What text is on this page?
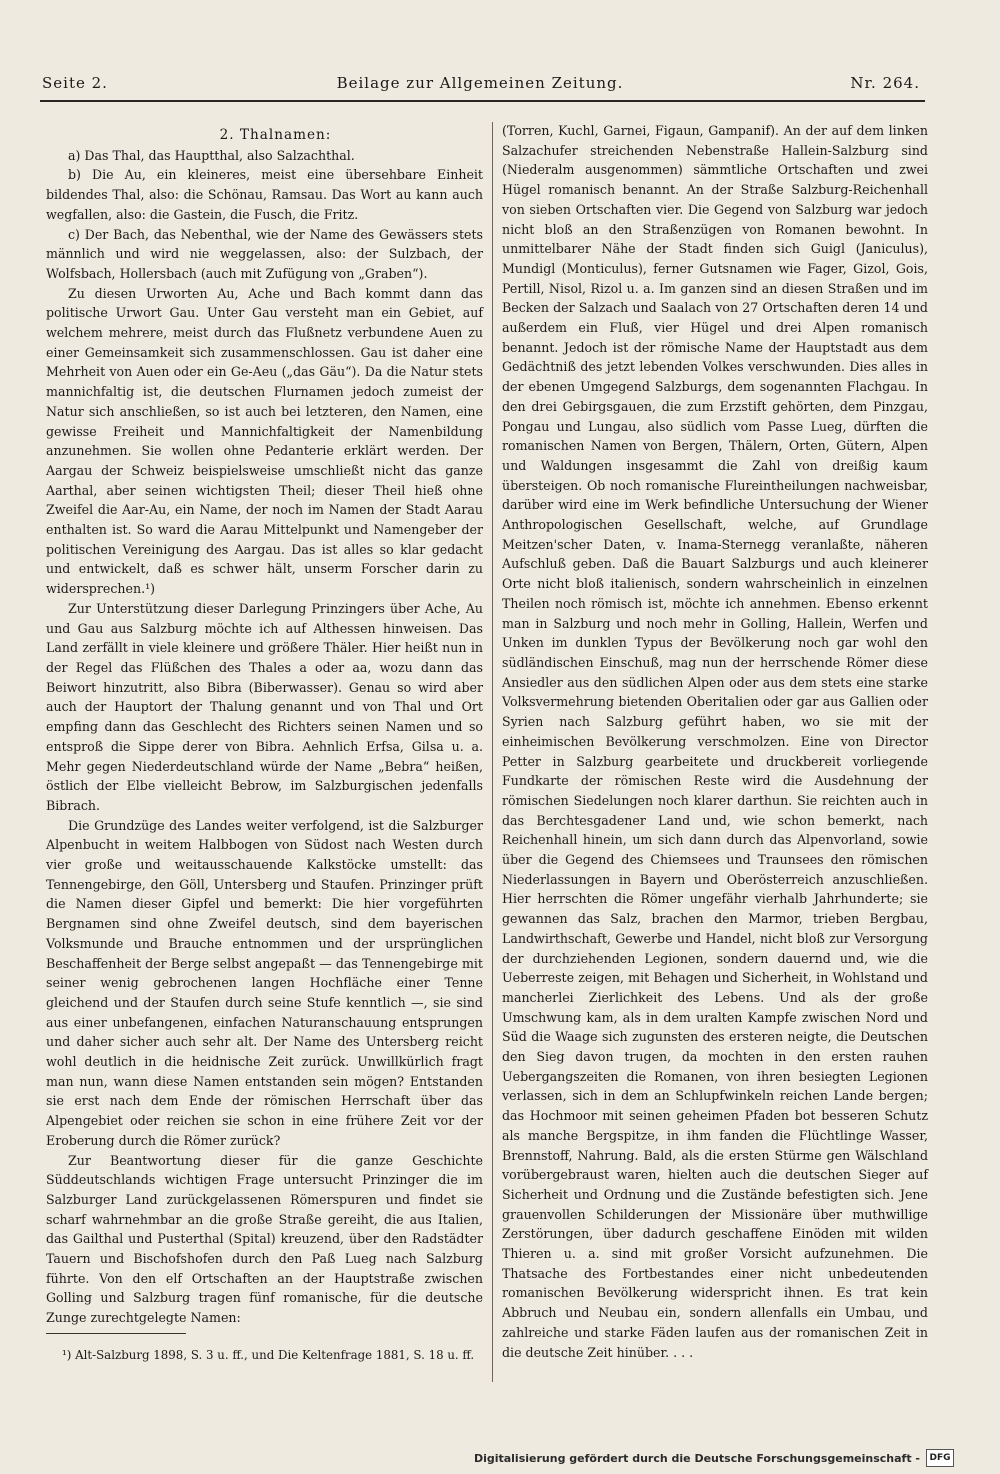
Seite 2.	Beilage zur Allgemeinen Zeitung.	Nr. 264.

2. Thalnamen:

a) Das Thal, das Hauptthal, also Salzachthal.

b) Die Au, ein kleineres, meist eine übersehbare Einheit bildendes Thal, also: die Schönau, Ramsau. Das Wort au kann auch wegfallen, also: die Gastein, die Fusch, die Fritz.

c) Der Bach, das Nebenthal, wie der Name des Gewässers stets männlich und wird nie weggelassen, also: der Sulzbach, der Wolfsbach, Hollersbach (auch mit Zufügung von „Graben“).

Zu diesen Urworten Au, Ache und Bach kommt dann das politische Urwort Gau. Unter Gau versteht man ein Gebiet, auf welchem mehrere, meist durch das Flußnetz verbundene Auen zu einer Gemeinsamkeit sich zusammenschlossen. Gau ist daher eine Mehrheit von Auen oder ein Ge-Aeu („das Gäu“). Da die Natur stets mannichfaltig ist, die deutschen Flurnamen jedoch zumeist der Natur sich anschließen, so ist auch bei letzteren, den Namen, eine gewisse Freiheit und Mannichfaltigkeit der Namenbildung anzunehmen. Sie wollen ohne Pedanterie erklärt werden. Der Aargau der Schweiz beispielsweise umschließt nicht das ganze Aarthal, aber seinen wichtigsten Theil; dieser Theil hieß ohne Zweifel die Aar-Au, ein Name, der noch im Namen der Stadt Aarau enthalten ist. So ward die Aarau Mittelpunkt und Namengeber der politischen Vereinigung des Aargau. Das ist alles so klar gedacht und entwickelt, daß es schwer hält, unserm Forscher darin zu widersprechen.¹)

Zur Unterstützung dieser Darlegung Prinzingers über Ache, Au und Gau aus Salzburg möchte ich auf Althessen hinweisen. Das Land zerfällt in viele kleinere und größere Thäler. Hier heißt nun in der Regel das Flüßchen des Thales a oder aa, wozu dann das Beiwort hinzutritt, also Bibra (Biberwasser). Genau so wird aber auch der Hauptort der Thalung genannt und von Thal und Ort empfing dann das Geschlecht des Richters seinen Namen und so entsproß die Sippe derer von Bibra. Aehnlich Erfsa, Gilsa u. a. Mehr gegen Niederdeutschland würde der Name „Bebra“ heißen, östlich der Elbe vielleicht Bebrow, im Salzburgischen jedenfalls Bibrach.

Die Grundzüge des Landes weiter verfolgend, ist die Salzburger Alpenbucht in weitem Halbbogen von Südost nach Westen durch vier große und weitausschauende Kalkstöcke umstellt: das Tennengebirge, den Göll, Untersberg und Staufen. Prinzinger prüft die Namen dieser Gipfel und bemerkt: Die hier vorgeführten Bergnamen sind ohne Zweifel deutsch, sind dem bayerischen Volksmunde und Brauche entnommen und der ursprünglichen Beschaffenheit der Berge selbst angepaßt — das Tennengebirge mit seiner wenig gebrochenen langen Hochfläche einer Tenne gleichend und der Staufen durch seine Stufe kenntlich —, sie sind aus einer unbefangenen, einfachen Naturanschauung entsprungen und daher sicher auch sehr alt. Der Name des Untersberg reicht wohl deutlich in die heidnische Zeit zurück. Unwillkürlich fragt man nun, wann diese Namen entstanden sein mögen? Entstanden sie erst nach dem Ende der römischen Herrschaft über das Alpengebiet oder reichen sie schon in eine frühere Zeit vor der Eroberung durch die Römer zurück?

Zur Beantwortung dieser für die ganze Geschichte Süddeutschlands wichtigen Frage untersucht Prinzinger die im Salzburger Land zurückgelassenen Römerspuren und findet sie scharf wahrnehmbar an die große Straße gereiht, die aus Italien, das Gailthal und Pusterthal (Spital) kreuzend, über den Radstädter Tauern und Bischofshofen durch den Paß Lueg nach Salzburg führte. Von den elf Ortschaften an der Hauptstraße zwischen Golling und Salzburg tragen fünf romanische, für die deutsche Zunge zurechtgelegte Namen:

(Torren, Kuchl, Garnei, Figaun, Gampanif). An der auf dem linken Salzachufer streichenden Nebenstraße Hallein-Salzburg sind (Niederalm ausgenommen) sämmtliche Ortschaften und zwei Hügel romanisch benannt. An der Straße Salzburg-Reichenhall von sieben Ortschaften vier. Die Gegend von Salzburg war jedoch nicht bloß an den Straßenzügen von Romanen bewohnt. In unmittelbarer Nähe der Stadt finden sich Guigl (Janiculus), Mundigl (Monticulus), ferner Gutsnamen wie Fager, Gizol, Gois, Pertill, Nisol, Rizol u. a. Im ganzen sind an diesen Straßen und im Becken der Salzach und Saalach von 27 Ortschaften deren 14 und außerdem ein Fluß, vier Hügel und drei Alpen romanisch benannt. Jedoch ist der römische Name der Hauptstadt aus dem Gedächtniß des jetzt lebenden Volkes verschwunden. Dies alles in der ebenen Umgegend Salzburgs, dem sogenannten Flachgau. In den drei Gebirgsgauen, die zum Erzstift gehörten, dem Pinzgau, Pongau und Lungau, also südlich vom Passe Lueg, dürften die romanischen Namen von Bergen, Thälern, Orten, Gütern, Alpen und Waldungen insgesammt die Zahl von dreißig kaum übersteigen. Ob noch romanische Flureintheilungen nachweisbar, darüber wird eine im Werk befindliche Untersuchung der Wiener Anthropologischen Gesellschaft, welche, auf Grundlage Meitzen'scher Daten, v. Inama-Sternegg veranlaßte, näheren Aufschluß geben. Daß die Bauart Salzburgs und auch kleinerer Orte nicht bloß italienisch, sondern wahrscheinlich in einzelnen Theilen noch römisch ist, möchte ich annehmen. Ebenso erkennt man in Salzburg und noch mehr in Golling, Hallein, Werfen und Unken im dunklen Typus der Bevölkerung noch gar wohl den südländischen Einschuß, mag nun der herrschende Römer diese Ansiedler aus den südlichen Alpen oder aus dem stets eine starke Volksvermehrung bietenden Oberitalien oder gar aus Gallien oder Syrien nach Salzburg geführt haben, wo sie mit der einheimischen Bevölkerung verschmolzen. Eine von Director Petter in Salzburg gearbeitete und druckbereit vorliegende Fundkarte der römischen Reste wird die Ausdehnung der römischen Siedelungen noch klarer darthun. Sie reichten auch in das Berchtesgadener Land und, wie schon bemerkt, nach Reichenhall hinein, um sich dann durch das Alpenvorland, sowie über die Gegend des Chiemsees und Traunsees den römischen Niederlassungen in Bayern und Oberösterreich anzuschließen. Hier herrschten die Römer ungefähr vierhalb Jahrhunderte; sie gewannen das Salz, brachen den Marmor, trieben Bergbau, Landwirthschaft, Gewerbe und Handel, nicht bloß zur Versorgung der durchziehenden Legionen, sondern dauernd und, wie die Ueberreste zeigen, mit Behagen und Sicherheit, in Wohlstand und mancherlei Zierlichkeit des Lebens. Und als der große Umschwung kam, als in dem uralten Kampfe zwischen Nord und Süd die Waage sich zugunsten des ersteren neigte, die Deutschen den Sieg davon trugen, da mochten in den ersten rauhen Uebergangszeiten die Romanen, von ihren besiegten Legionen verlassen, sich in dem an Schlupfwinkeln reichen Lande bergen; das Hochmoor mit seinen geheimen Pfaden bot besseren Schutz als manche Bergspitze, in ihm fanden die Flüchtlinge Wasser, Brennstoff, Nahrung. Bald, als die ersten Stürme gen Wälschland vorübergebraust waren, hielten auch die deutschen Sieger auf Sicherheit und Ordnung und die Zustände befestigten sich. Jene grauenvollen Schilderungen der Missionäre über muthwillige Zerstörungen, über dadurch geschaffene Einöden mit wilden Thieren u. a. sind mit großer Vorsicht aufzunehmen. Die Thatsache des Fortbestandes einer nicht unbedeutenden romanischen Bevölkerung widerspricht ihnen. Es trat kein Abbruch und Neubau ein, sondern allenfalls ein Umbau, und zahlreiche und starke Fäden laufen aus der romanischen Zeit in die deutsche Zeit hinüber. . . .

¹) Alt-Salzburg 1898, S. 3 u. ff., und Die Keltenfrage 1881, S. 18 u. ff.

Digitalisierung gefördert durch die Deutsche Forschungsgemeinschaft -	DFG
